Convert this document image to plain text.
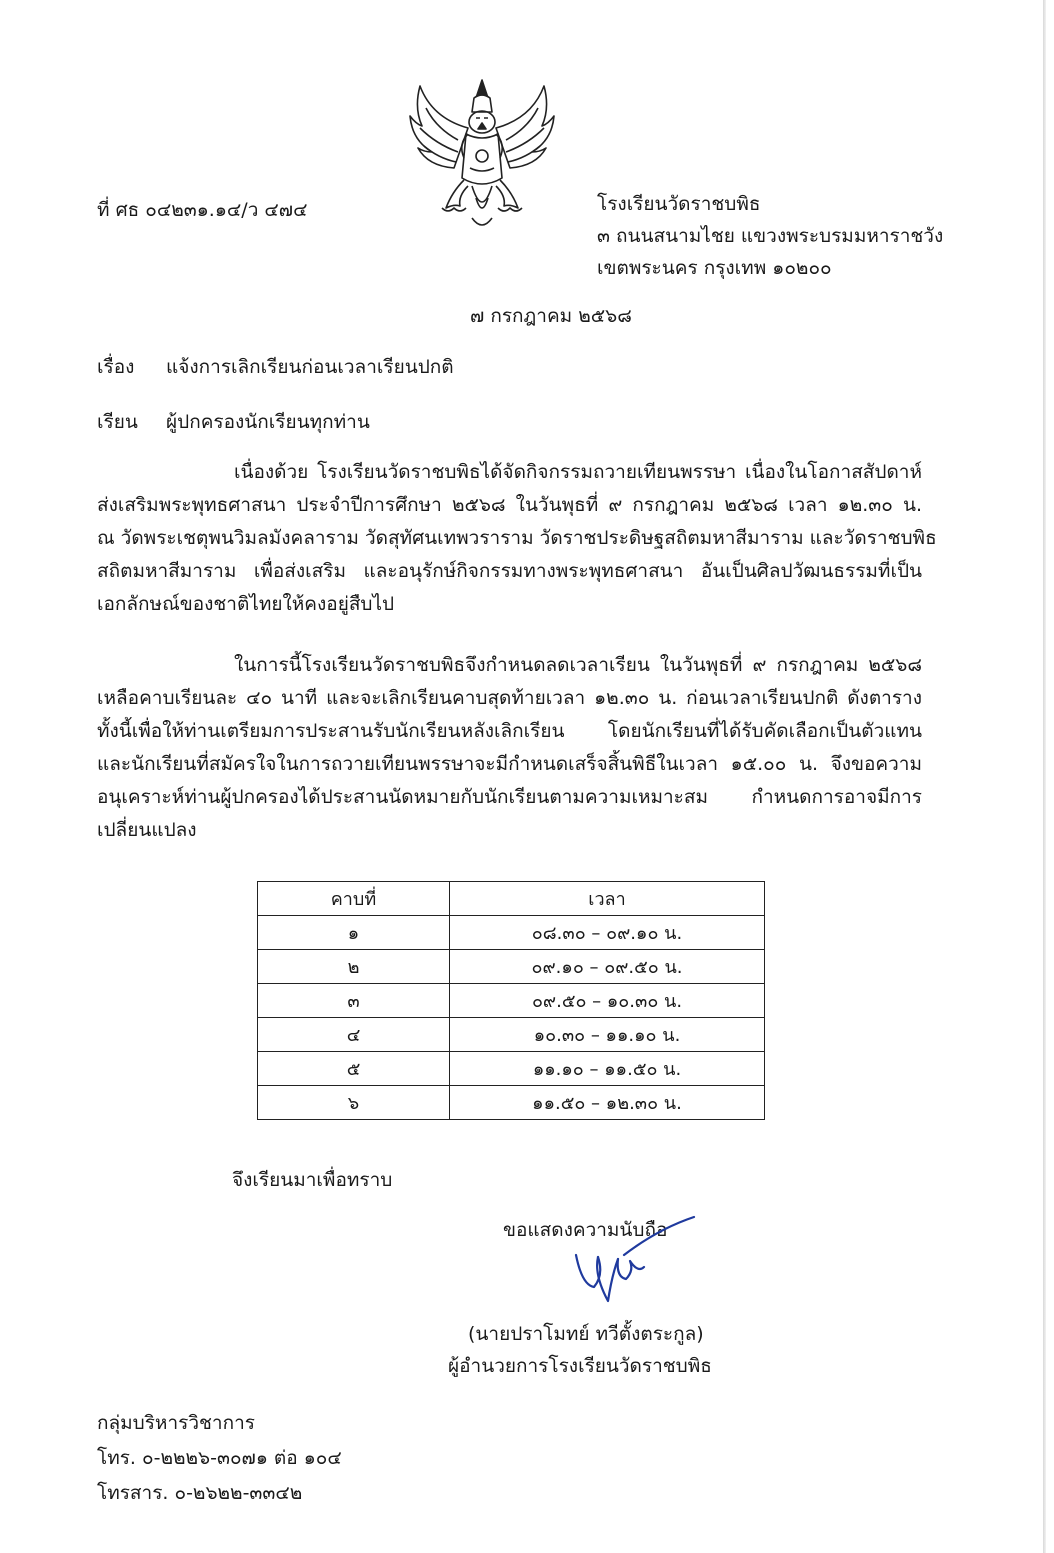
ที่ ศธ ๐๔๒๓๑.๑๔/ว ๔๗๔	โรงเรียนวัดราชบพิธ
๓ ถนนสนามไชย แขวงพระบรมมหาราชวัง
เขตพระนคร กรุงเทพ ๑๐๒๐๐
๗ กรกฎาคม ๒๕๖๘
เรื่อง แจ้งการเลิกเรียนก่อนเวลาเรียนปกติ
เรียน ผู้ปกครองนักเรียนทุกท่าน
เนื่องด้วย โรงเรียนวัดราชบพิธได้จัดกิจกรรมถวายเทียนพรรษา เนื่องในโอกาสสัปดาห์
ส่งเสริมพระพุทธศาสนา ประจำปีการศึกษา ๒๕๖๘ ในวันพุธที่ ๙ กรกฎาคม ๒๕๖๘ เวลา ๑๒.๓๐ น.
ณ วัดพระเชตุพนวิมลมังคลาราม วัดสุทัศนเทพวราราม วัดราชประดิษฐสถิตมหาสีมาราม และวัดราชบพิธ
สถิตมหาสีมาราม เพื่อส่งเสริม และอนุรักษ์กิจกรรมทางพระพุทธศาสนา อันเป็นศิลปวัฒนธรรมที่เป็น
เอกลักษณ์ของชาติไทยให้คงอยู่สืบไป
ในการนี้โรงเรียนวัดราชบพิธจึงกำหนดลดเวลาเรียน ในวันพุธที่ ๙ กรกฎาคม ๒๕๖๘
เหลือคาบเรียนละ ๔๐ นาที และจะเลิกเรียนคาบสุดท้ายเวลา ๑๒.๓๐ น. ก่อนเวลาเรียนปกติ ดังตาราง
ทั้งนี้เพื่อให้ท่านเตรียมการประสานรับนักเรียนหลังเลิกเรียน โดยนักเรียนที่ได้รับคัดเลือกเป็นตัวแทน
และนักเรียนที่สมัครใจในการถวายเทียนพรรษาจะมีกำหนดเสร็จสิ้นพิธีในเวลา ๑๕.๐๐ น. จึงขอความ
อนุเคราะห์ท่านผู้ปกครองได้ประสานนัดหมายกับนักเรียนตามความเหมาะสม กำหนดการอาจมีการ
เปลี่ยนแปลง
คาบที่	เวลา
๑	๐๘.๓๐ – ๐๙.๑๐ น.
๒	๐๙.๑๐ – ๐๙.๕๐ น.
๓	๐๙.๕๐ – ๑๐.๓๐ น.
๔	๑๐.๓๐ – ๑๑.๑๐ น.
๕	๑๑.๑๐ – ๑๑.๕๐ น.
๖	๑๑.๕๐ – ๑๒.๓๐ น.
จึงเรียนมาเพื่อทราบ
ขอแสดงความนับถือ
(นายปราโมทย์ ทวีตั้งตระกูล)
ผู้อำนวยการโรงเรียนวัดราชบพิธ
กลุ่มบริหารวิชาการ
โทร. ๐-๒๒๒๖-๓๐๗๑ ต่อ ๑๐๔
โทรสาร. ๐-๒๖๒๒-๓๓๔๒
